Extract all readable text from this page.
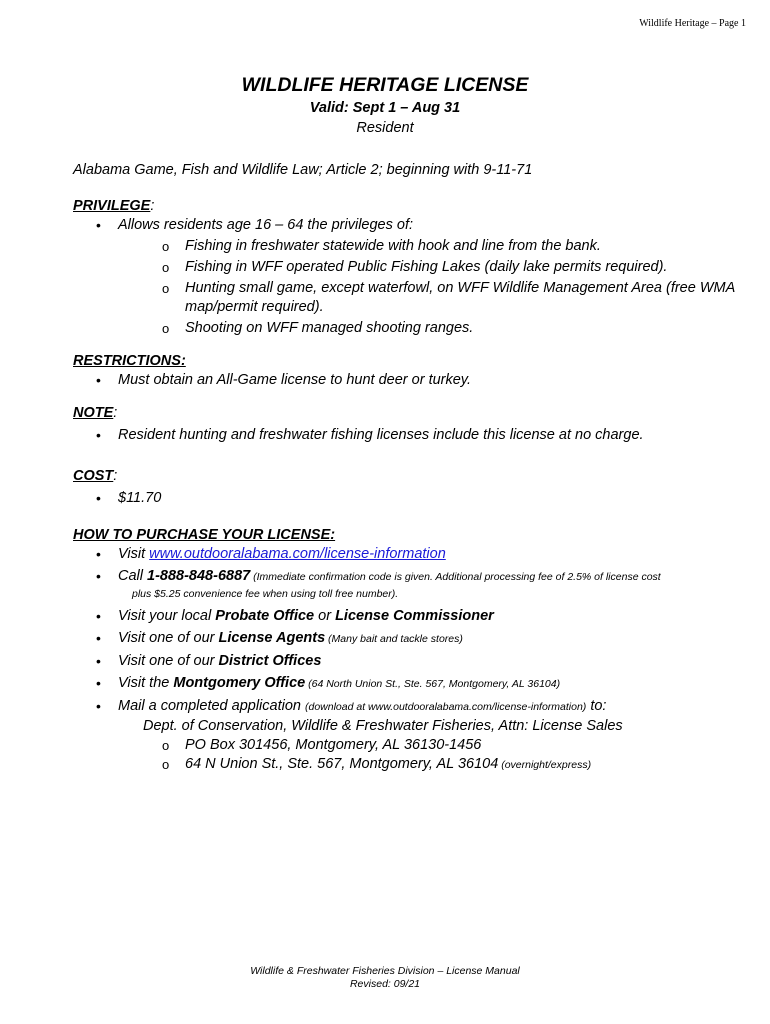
Wildlife Heritage – Page 1
WILDLIFE HERITAGE LICENSE
Valid: Sept 1 – Aug 31
Resident

Alabama Game, Fish and Wildlife Law; Article 2; beginning with 9-11-71

PRIVILEGE:
• Allows residents age 16 – 64 the privileges of:
o Fishing in freshwater statewide with hook and line from the bank.
o Fishing in WFF operated Public Fishing Lakes (daily lake permits required).
o Hunting small game, except waterfowl, on WFF Wildlife Management Area (free WMA map/permit required).
o Shooting on WFF managed shooting ranges.
RESTRICTIONS:
• Must obtain an All-Game license to hunt deer or turkey.
NOTE:
• Resident hunting and freshwater fishing licenses include this license at no charge.
COST:
• $11.70
HOW TO PURCHASE YOUR LICENSE:
• Visit www.outdooralabama.com/license-information
• Call 1-888-848-6887 (Immediate confirmation code is given. Additional processing fee of 2.5% of license cost
plus $5.25 convenience fee when using toll free number).
• Visit your local Probate Office or License Commissioner
• Visit one of our License Agents (Many bait and tackle stores)
• Visit one of our District Offices
• Visit the Montgomery Office (64 North Union St., Ste. 567, Montgomery, AL 36104)
• Mail a completed application (download at www.outdooralabama.com/license-information) to:
Dept. of Conservation, Wildlife & Freshwater Fisheries, Attn: License Sales
o PO Box 301456, Montgomery, AL 36130-1456
o 64 N Union St., Ste. 567, Montgomery, AL 36104 (overnight/express)
Wildlife & Freshwater Fisheries Division – License Manual
Revised: 09/21
